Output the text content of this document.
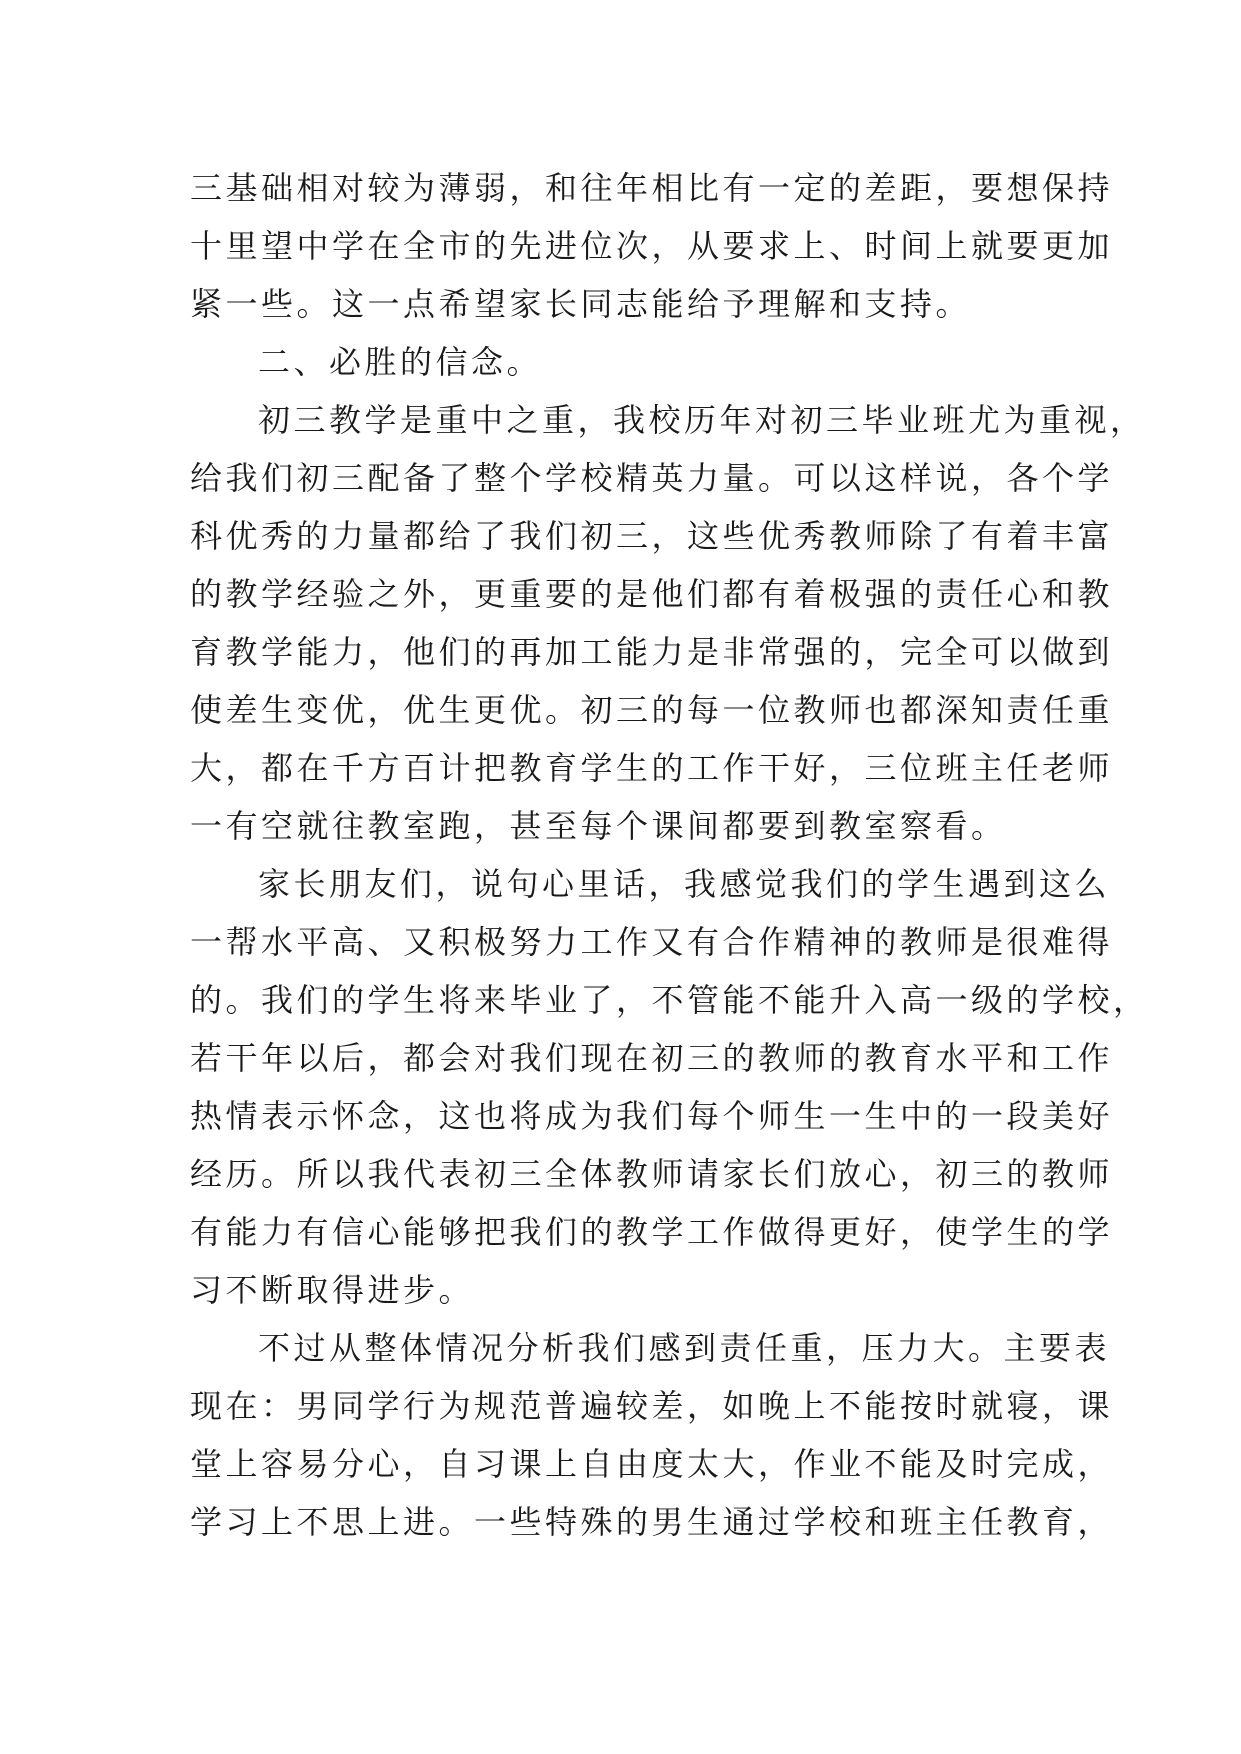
三基础相对较为薄弱，和往年相比有一定的差距，要想保持
十里望中学在全市的先进位次，从要求上、时间上就要更加
紧一些。这一点希望家长同志能给予理解和支持。
二、必胜的信念。
初三教学是重中之重，我校历年对初三毕业班尤为重视，
给我们初三配备了整个学校精英力量。可以这样说，各个学
科优秀的力量都给了我们初三，这些优秀教师除了有着丰富
的教学经验之外，更重要的是他们都有着极强的责任心和教
育教学能力，他们的再加工能力是非常强的，完全可以做到
使差生变优，优生更优。初三的每一位教师也都深知责任重
大，都在千方百计把教育学生的工作干好，三位班主任老师
一有空就往教室跑，甚至每个课间都要到教室察看。
家长朋友们，说句心里话，我感觉我们的学生遇到这么
一帮水平高、又积极努力工作又有合作精神的教师是很难得
的。我们的学生将来毕业了，不管能不能升入高一级的学校，
若干年以后，都会对我们现在初三的教师的教育水平和工作
热情表示怀念，这也将成为我们每个师生一生中的一段美好
经历。所以我代表初三全体教师请家长们放心，初三的教师
有能力有信心能够把我们的教学工作做得更好，使学生的学
习不断取得进步。
不过从整体情况分析我们感到责任重，压力大。主要表
现在：男同学行为规范普遍较差，如晚上不能按时就寝，课
堂上容易分心，自习课上自由度太大，作业不能及时完成，
学习上不思上进。一些特殊的男生通过学校和班主任教育，
